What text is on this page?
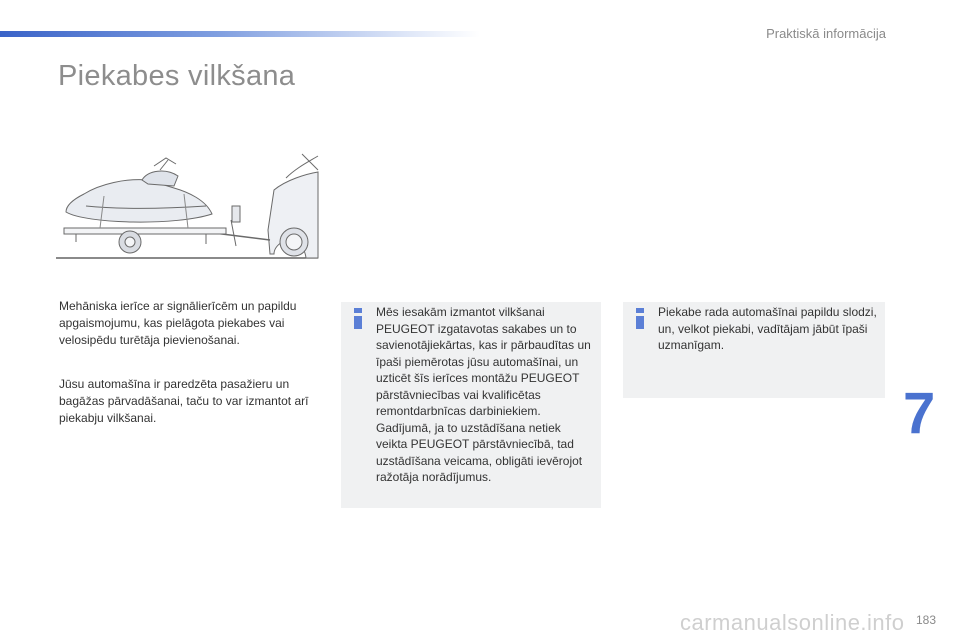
Praktiskā informācija
Piekabes vilkšana

Mehāniska ierīce ar signālierīcēm un papildu apgaismojumu, kas pielāgota piekabes vai velosipēdu turētāja pievienošanai.

Jūsu automašīna ir paredzēta pasažieru un bagāžas pārvadāšanai, taču to var izmantot arī piekabju vilkšanai.

Mēs iesakām izmantot vilkšanai PEUGEOT izgatavotas sakabes un to savienotājiekārtas, kas ir pārbaudītas un īpaši piemērotas jūsu automašīnai, un uzticēt šīs ierīces montāžu PEUGEOT pārstāvniecības vai kvalificētas remontdarbnīcas darbiniekiem. Gadījumā, ja to uzstādīšana netiek veikta PEUGEOT pārstāvniecībā, tad uzstādīšana veicama, obligāti ievērojot ražotāja norādījumus.

Piekabe rada automašīnai papildu slodzi, un, velkot piekabi, vadītājam jābūt īpaši uzmanīgam.

7
carmanualsonline.info 183
